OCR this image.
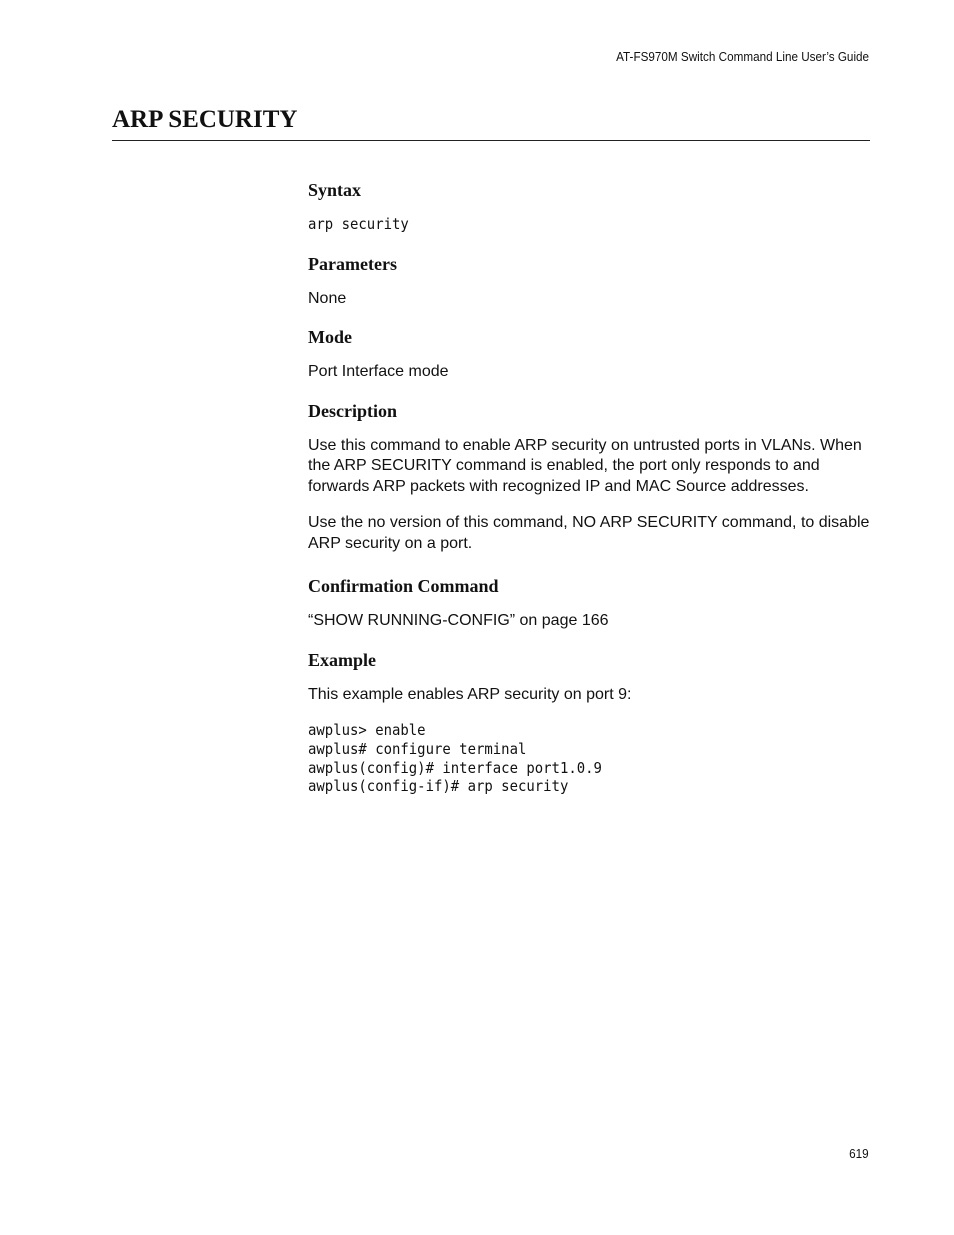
AT-FS970M Switch Command Line User’s Guide
ARP SECURITY
Syntax
arp security
Parameters

None

Mode

Port Interface mode

Description

Use this command to enable ARP security on untrusted ports in VLANs. When the ARP SECURITY command is enabled, the port only responds to and forwards ARP packets with recognized IP and MAC Source addresses.

Use the no version of this command, NO ARP SECURITY command, to disable ARP security on a port.

Confirmation Command

“SHOW RUNNING-CONFIG” on page 166

Example

This example enables ARP security on port 9:

awplus> enable
awplus# configure terminal
awplus(config)# interface port1.0.9
awplus(config-if)# arp security
619
